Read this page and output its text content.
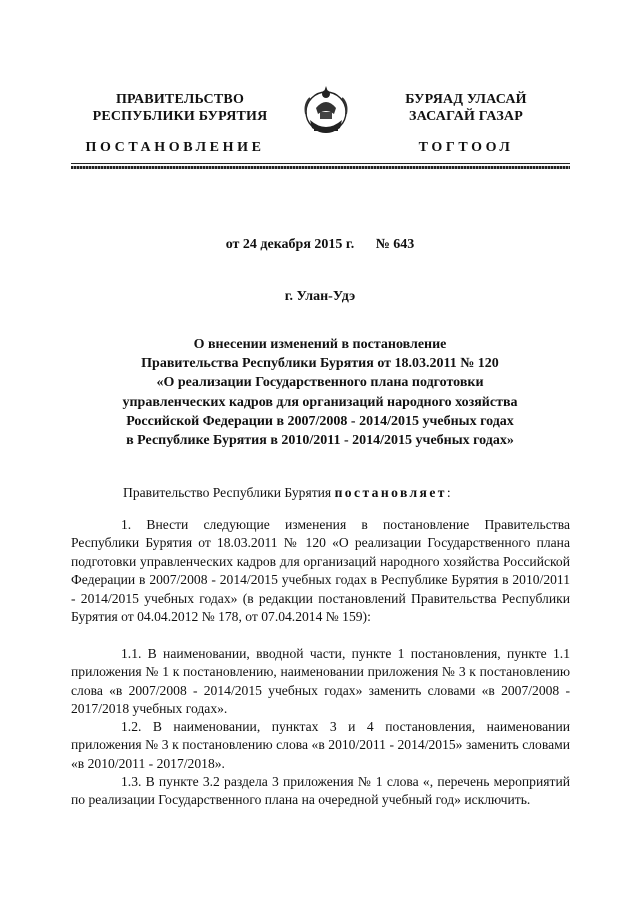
ПРАВИТЕЛЬСТВО
РЕСПУБЛИКИ БУРЯТИЯ
БУРЯАД УЛАСАЙ
ЗАСАГАЙ ГАЗАР
ПОСТАНОВЛЕНИЕ	ТОГТООЛ
от 24 декабря 2015 г. № 643
г. Улан-Удэ
О внесении изменений в постановление
Правительства Республики Бурятия от 18.03.2011 № 120
«О реализации Государственного плана подготовки
управленческих кадров для организаций народного хозяйства
Российской Федерации в 2007/2008 - 2014/2015 учебных годах
в Республике Бурятия в 2010/2011 - 2014/2015 учебных годах»
Правительство Республики Бурятия постановляет:
1. Внести следующие изменения в постановление Правительства Республики Бурятия от 18.03.2011 № 120 «О реализации Государственного плана подготовки управленческих кадров для организаций народного хозяйства Российской Федерации в 2007/2008 - 2014/2015 учебных годах в Республике Бурятия в 2010/2011 - 2014/2015 учебных годах» (в редакции постановлений Правительства Республики Бурятия от 04.04.2012 № 178, от 07.04.2014 № 159):
1.1. В наименовании, вводной части, пункте 1 постановления, пункте 1.1 приложения № 1 к постановлению, наименовании приложения № 3 к постановлению слова «в 2007/2008 - 2014/2015 учебных годах» заменить словами «в 2007/2008 - 2017/2018 учебных годах».
1.2. В наименовании, пунктах 3 и 4 постановления, наименовании приложения № 3 к постановлению слова «в 2010/2011 - 2014/2015» заменить словами «в 2010/2011 - 2017/2018».
1.3. В пункте 3.2 раздела 3 приложения № 1 слова «, перечень мероприятий по реализации Государственного плана на очередной учебный год» исключить.
